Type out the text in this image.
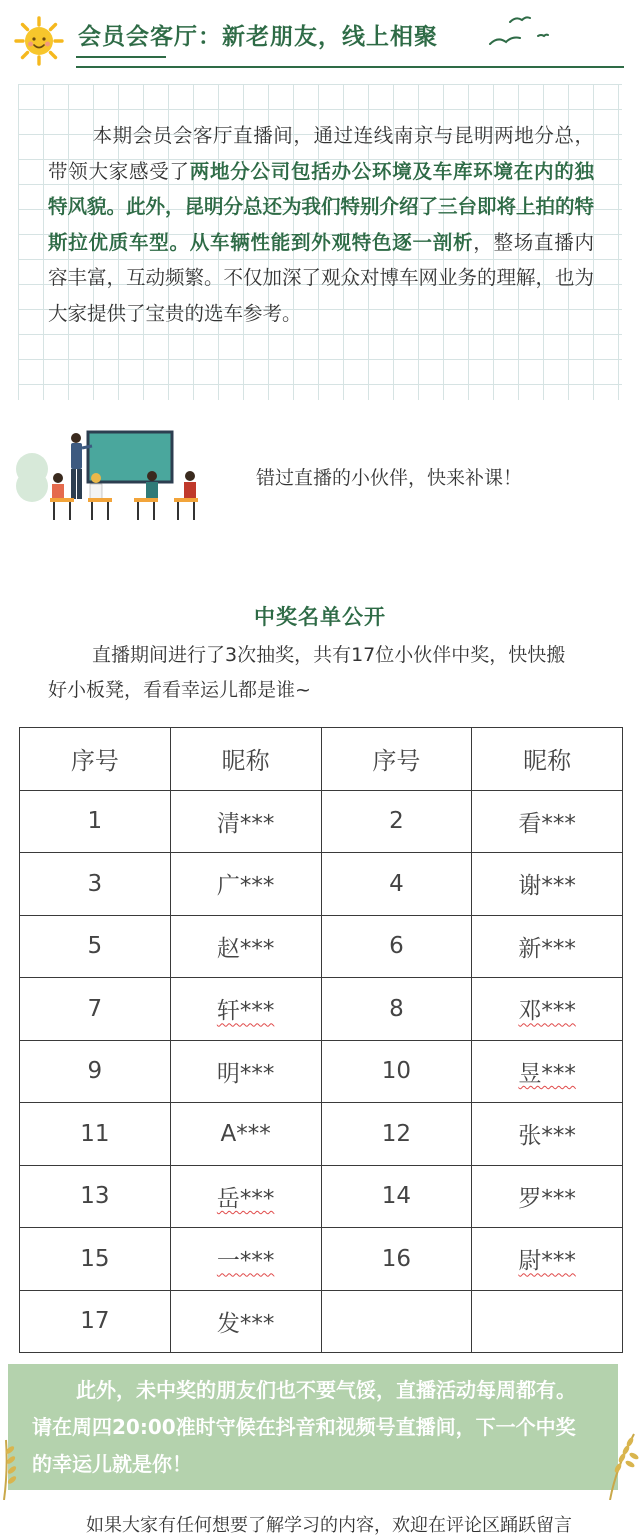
会员会客厅：新老朋友，线上相聚
本期会员会客厅直播间，通过连线南京与昆明两地分总，带领大家感受了两地分公司包括办公环境及车库环境在内的独特风貌。此外，昆明分总还为我们特别介绍了三台即将上拍的特斯拉优质车型。从车辆性能到外观特色逐一剖析，整场直播内容丰富，互动频繁。不仅加深了观众对博车网业务的理解，也为大家提供了宝贵的选车参考。
错过直播的小伙伴，快来补课！
中奖名单公开
直播期间进行了3次抽奖，共有17位小伙伴中奖，快快搬好小板凳，看看幸运儿都是谁~
序号	昵称	序号	昵称
1	清***	2	看***
3	广***	4	谢***
5	赵***	6	新***
7	轩***	8	邓***
9	明***	10	昱***
11	A***	12	张***
13	岳***	14	罗***
15	一***	16	尉***
17	发***		
此外，未中奖的朋友们也不要气馁，直播活动每周都有。请在周四20:00准时守候在抖音和视频号直播间，下一个中奖的幸运儿就是你！
如果大家有任何想要了解学习的内容，欢迎在评论区踊跃留言
